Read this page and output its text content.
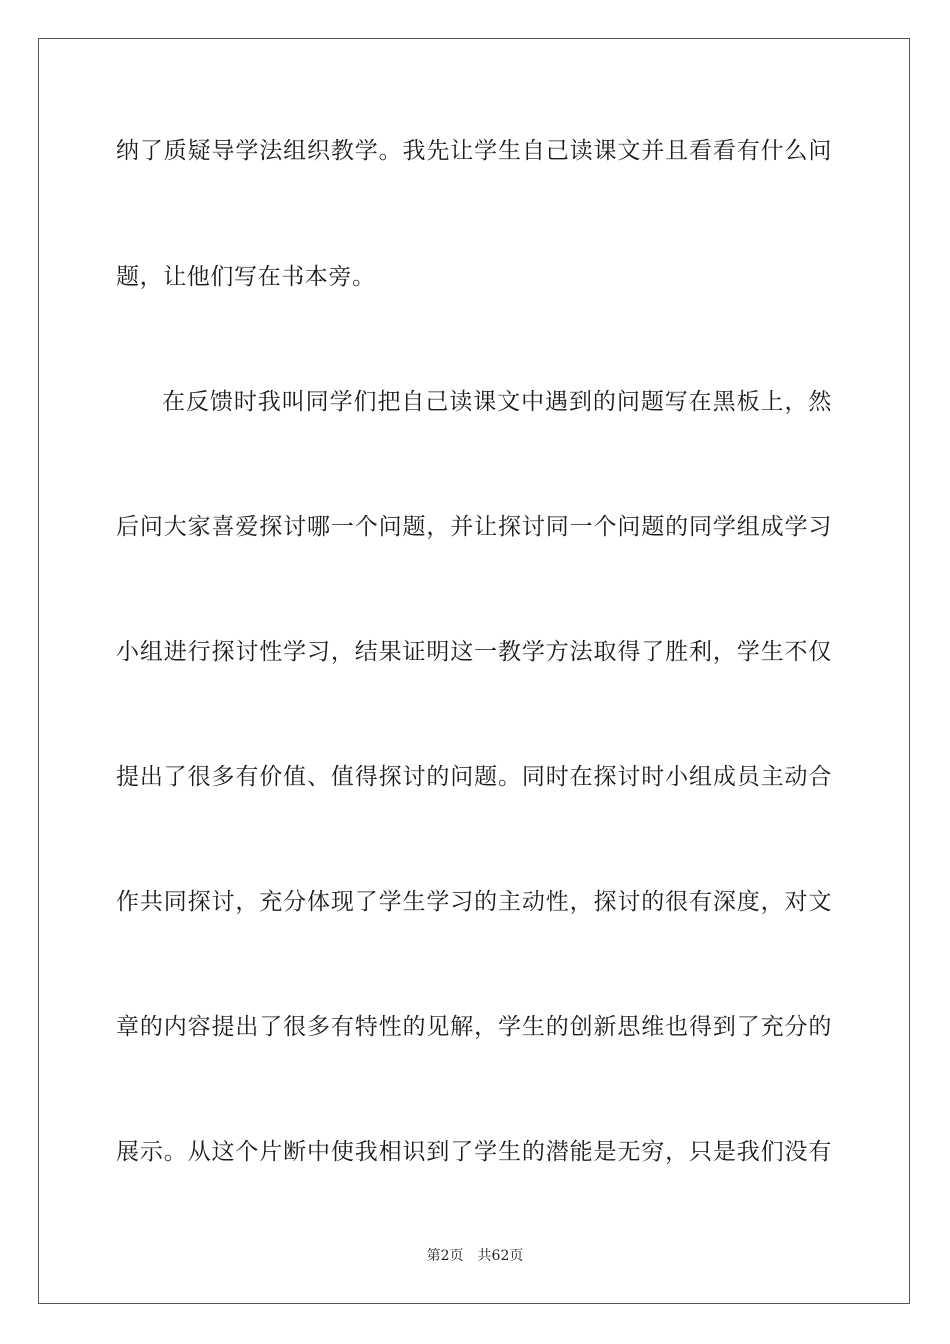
纳了质疑导学法组织教学。我先让学生自己读课文并且看看有什么问
题，让他们写在书本旁。
在反馈时我叫同学们把自己读课文中遇到的问题写在黑板上，然
后问大家喜爱探讨哪一个问题，并让探讨同一个问题的同学组成学习
小组进行探讨性学习，结果证明这一教学方法取得了胜利，学生不仅
提出了很多有价值、值得探讨的问题。同时在探讨时小组成员主动合
作共同探讨，充分体现了学生学习的主动性，探讨的很有深度，对文
章的内容提出了很多有特性的见解，学生的创新思维也得到了充分的
展示。从这个片断中使我相识到了学生的潜能是无穷，只是我们没有
第2页 共62页
